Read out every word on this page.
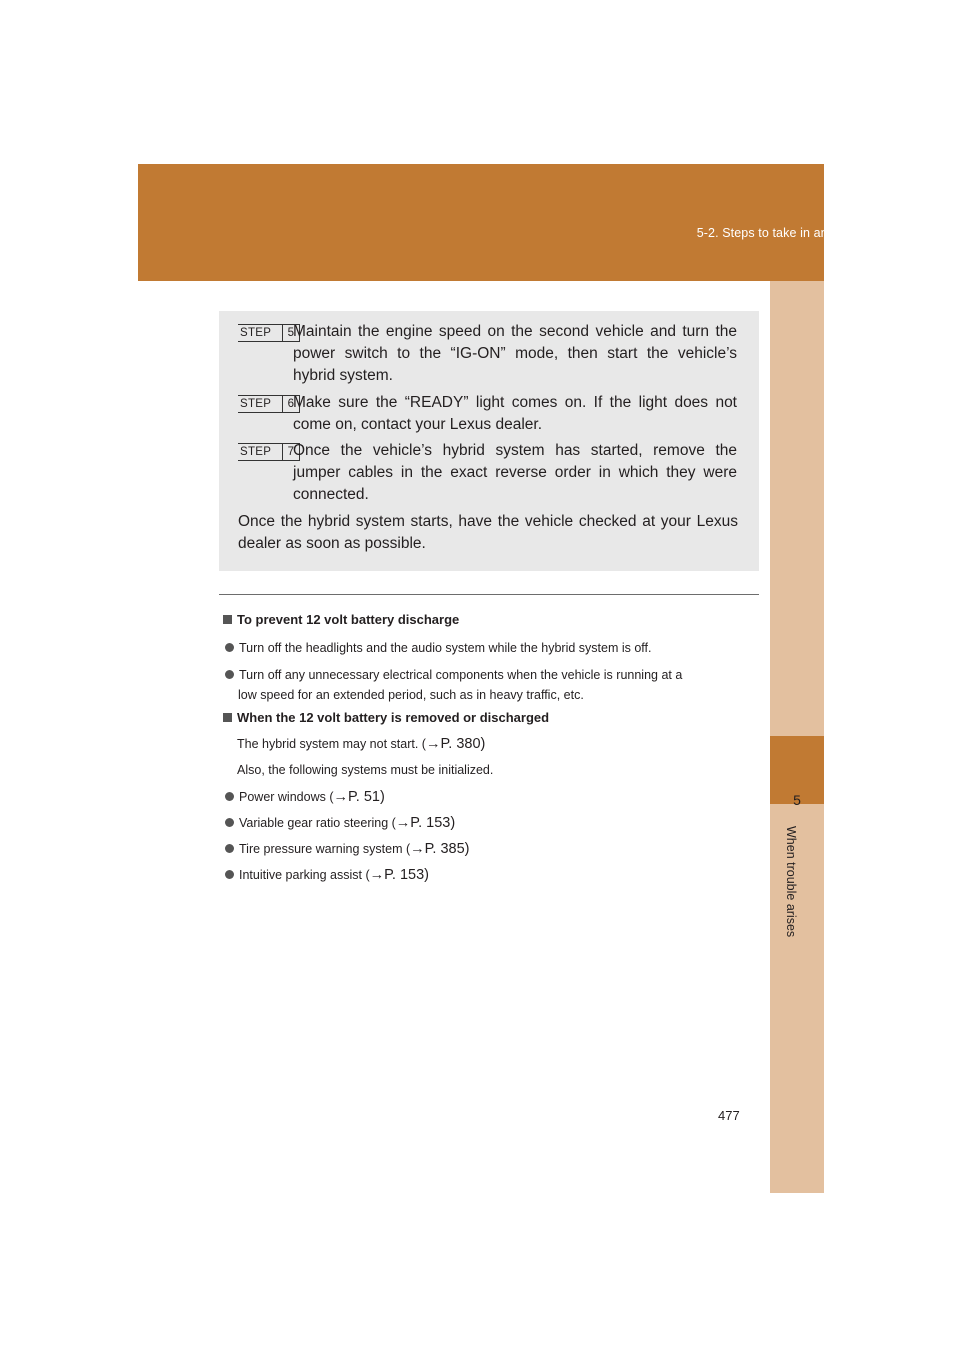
5-2. Steps to take in an emergency
5
When trouble arises
STEP	5
Maintain the engine speed on the second vehicle and turn the power switch to the “IG-ON” mode, then start the vehicle’s hybrid system.
STEP	6
Make sure the “READY” light comes on. If the light does not come on, contact your Lexus dealer.
STEP	7
Once the vehicle’s hybrid system has started, remove the jumper cables in the exact reverse order in which they were connected.
Once the hybrid system starts, have the vehicle checked at your Lexus dealer as soon as possible.
To prevent 12 volt battery discharge
Turn off the headlights and the audio system while the hybrid system is off.
Turn off any unnecessary electrical components when the vehicle is running at a
low speed for an extended period, such as in heavy traffic, etc.
When the 12 volt battery is removed or discharged
The hybrid system may not start. (→P. 380)
Also, the following systems must be initialized.
Power windows (→P. 51)
Variable gear ratio steering (→P. 153)
Tire pressure warning system (→P. 385)
Intuitive parking assist (→P. 153)
477
